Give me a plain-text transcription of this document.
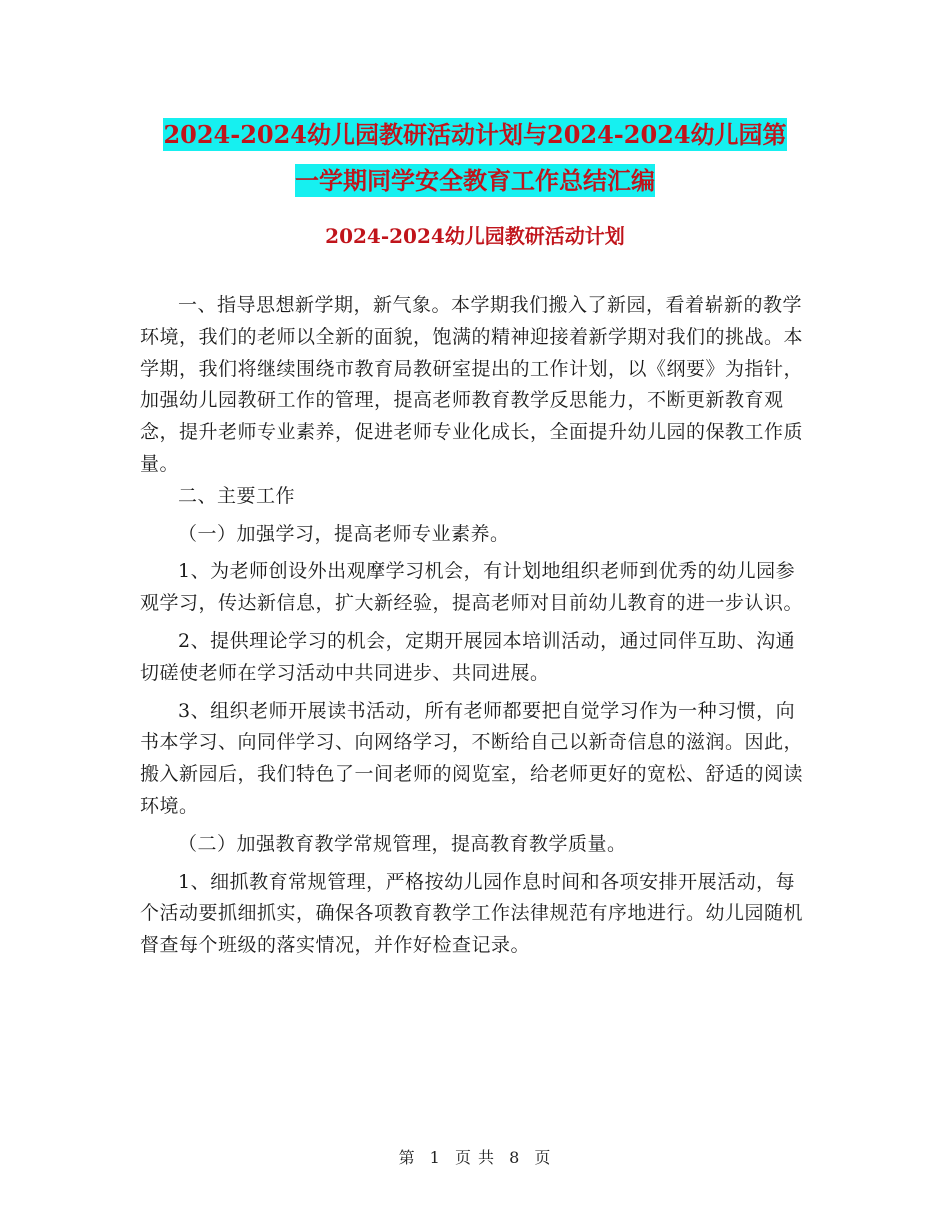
2024-2024幼儿园教研活动计划与2024-2024幼儿园第
一学期同学安全教育工作总结汇编
2024-2024幼儿园教研活动计划

一、指导思想新学期，新气象。本学期我们搬入了新园，看着崭新的教学环境，我们的老师以全新的面貌，饱满的精神迎接着新学期对我们的挑战。本学期，我们将继续围绕市教育局教研室提出的工作计划，以《纲要》为指针，加强幼儿园教研工作的管理，提高老师教育教学反思能力，不断更新教育观念，提升老师专业素养，促进老师专业化成长，全面提升幼儿园的保教工作质量。

二、主要工作

（一）加强学习，提高老师专业素养。

1、为老师创设外出观摩学习机会，有计划地组织老师到优秀的幼儿园参观学习，传达新信息，扩大新经验，提高老师对目前幼儿教育的进一步认识。

2、提供理论学习的机会，定期开展园本培训活动，通过同伴互助、沟通切磋使老师在学习活动中共同进步、共同进展。

3、组织老师开展读书活动，所有老师都要把自觉学习作为一种习惯，向书本学习、向同伴学习、向网络学习，不断给自己以新奇信息的滋润。因此，搬入新园后，我们特色了一间老师的阅览室，给老师更好的宽松、舒适的阅读环境。

（二）加强教育教学常规管理，提高教育教学质量。

1、细抓教育常规管理，严格按幼儿园作息时间和各项安排开展活动，每个活动要抓细抓实，确保各项教育教学工作法律规范有序地进行。幼儿园随机督查每个班级的落实情况，并作好检查记录。

第 1 页 共 8 页
